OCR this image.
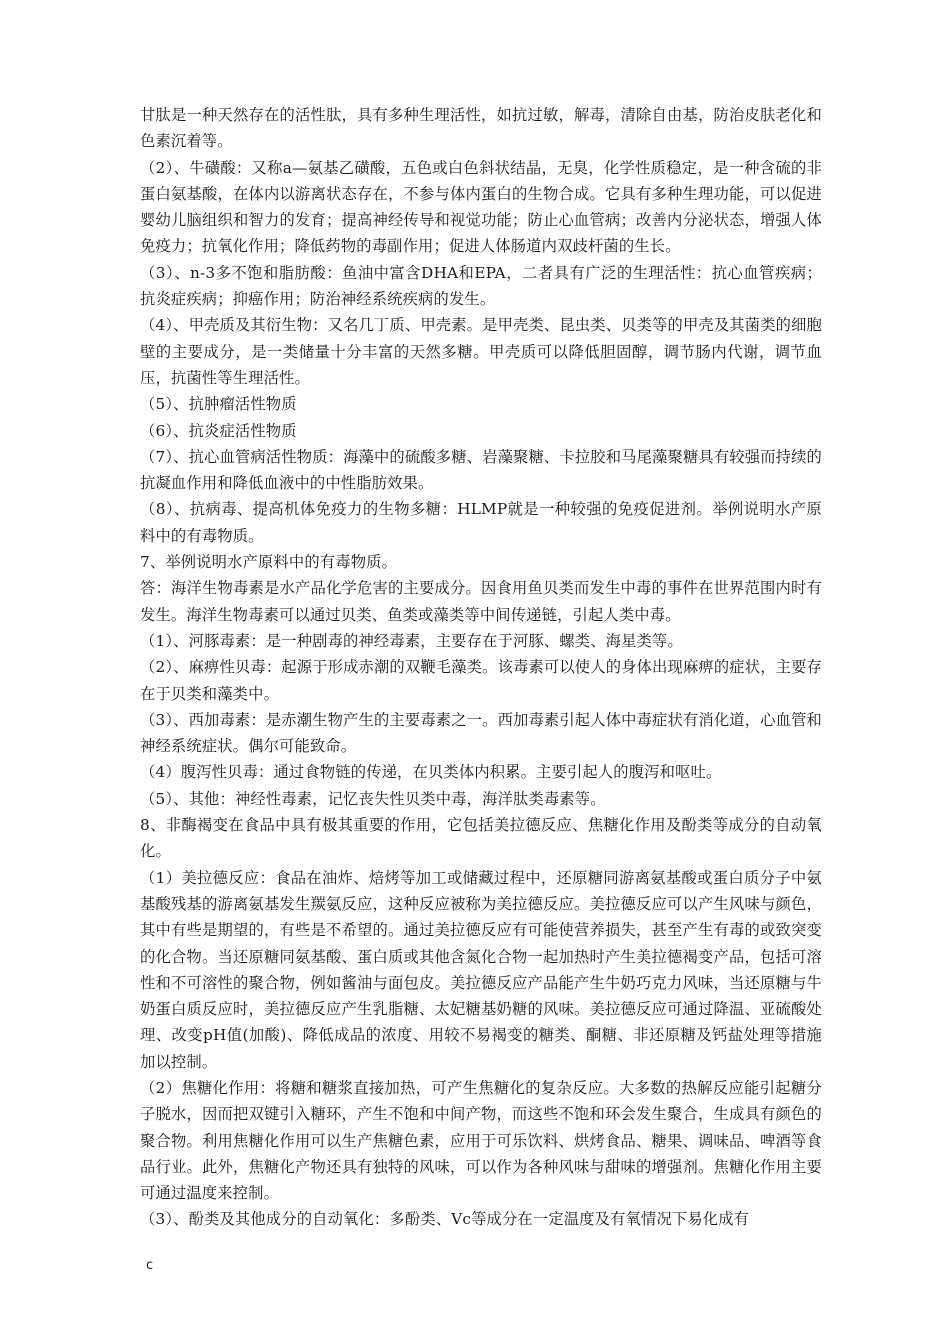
甘肽是一种天然存在的活性肽，具有多种生理活性，如抗过敏，解毒，清除自由基，防治皮肤老化和色素沉着等。

（2）、牛磺酸：又称a—氨基乙磺酸，五色或白色斜状结晶，无臭，化学性质稳定，是一种含硫的非蛋白氨基酸，在体内以游离状态存在，不参与体内蛋白的生物合成。它具有多种生理功能，可以促进婴幼儿脑组织和智力的发育；提高神经传导和视觉功能；防止心血管病；改善内分泌状态，增强人体免疫力；抗氧化作用；降低药物的毒副作用；促进人体肠道内双歧杆菌的生长。

（3）、n-3多不饱和脂肪酸：鱼油中富含DHA和EPA，二者具有广泛的生理活性：抗心血管疾病；抗炎症疾病；抑癌作用；防治神经系统疾病的发生。

（4）、甲壳质及其衍生物：又名几丁质、甲壳素。是甲壳类、昆虫类、贝类等的甲壳及其菌类的细胞壁的主要成分，是一类储量十分丰富的天然多糖。甲壳质可以降低胆固醇，调节肠内代谢，调节血压，抗菌性等生理活性。

（5）、抗肿瘤活性物质

（6）、抗炎症活性物质

（7）、抗心血管病活性物质：海藻中的硫酸多糖、岩藻聚糖、卡拉胶和马尾藻聚糖具有较强而持续的抗凝血作用和降低血液中的中性脂肪效果。

（8）、抗病毒、提高机体免疫力的生物多糖：HLMP就是一种较强的免疫促进剂。举例说明水产原料中的有毒物质。

7、举例说明水产原料中的有毒物质。

答：海洋生物毒素是水产品化学危害的主要成分。因食用鱼贝类而发生中毒的事件在世界范围内时有发生。海洋生物毒素可以通过贝类、鱼类或藻类等中间传递链，引起人类中毒。

（1）、河豚毒素：是一种剧毒的神经毒素，主要存在于河豚、螺类、海星类等。

（2）、麻痹性贝毒：起源于形成赤潮的双鞭毛藻类。该毒素可以使人的身体出现麻痹的症状，主要存在于贝类和藻类中。

（3）、西加毒素：是赤潮生物产生的主要毒素之一。西加毒素引起人体中毒症状有消化道，心血管和神经系统症状。偶尔可能致命。

（4）腹泻性贝毒：通过食物链的传递，在贝类体内积累。主要引起人的腹泻和呕吐。

（5）、其他：神经性毒素，记忆丧失性贝类中毒，海洋肽类毒素等。

8、非酶褐变在食品中具有极其重要的作用，它包括美拉德反应、焦糖化作用及酚类等成分的自动氧化。

（1）美拉德反应：食品在油炸、焙烤等加工或储藏过程中，还原糖同游离氨基酸或蛋白质分子中氨基酸残基的游离氨基发生羰氨反应，这种反应被称为美拉德反应。美拉德反应可以产生风味与颜色，其中有些是期望的，有些是不希望的。通过美拉德反应有可能使营养损失，甚至产生有毒的或致突变的化合物。当还原糖同氨基酸、蛋白质或其他含氮化合物一起加热时产生美拉德褐变产品，包括可溶性和不可溶性的聚合物，例如酱油与面包皮。美拉德反应产品能产生牛奶巧克力风味，当还原糖与牛奶蛋白质反应时，美拉德反应产生乳脂糖、太妃糖基奶糖的风味。美拉德反应可通过降温、亚硫酸处理、改变pH值(加酸)、降低成品的浓度、用较不易褐变的糖类、酮糖、非还原糖及钙盐处理等措施加以控制。

（2）焦糖化作用：将糖和糖浆直接加热，可产生焦糖化的复杂反应。大多数的热解反应能引起糖分子脱水，因而把双键引入糖环，产生不饱和中间产物，而这些不饱和环会发生聚合，生成具有颜色的聚合物。利用焦糖化作用可以生产焦糖色素，应用于可乐饮料、烘烤食品、糖果、调味品、啤酒等食品行业。此外，焦糖化产物还具有独特的风味，可以作为各种风味与甜味的增强剂。焦糖化作用主要可通过温度来控制。

（3）、酚类及其他成分的自动氧化：多酚类、Vc等成分在一定温度及有氧情况下易化成有

c
